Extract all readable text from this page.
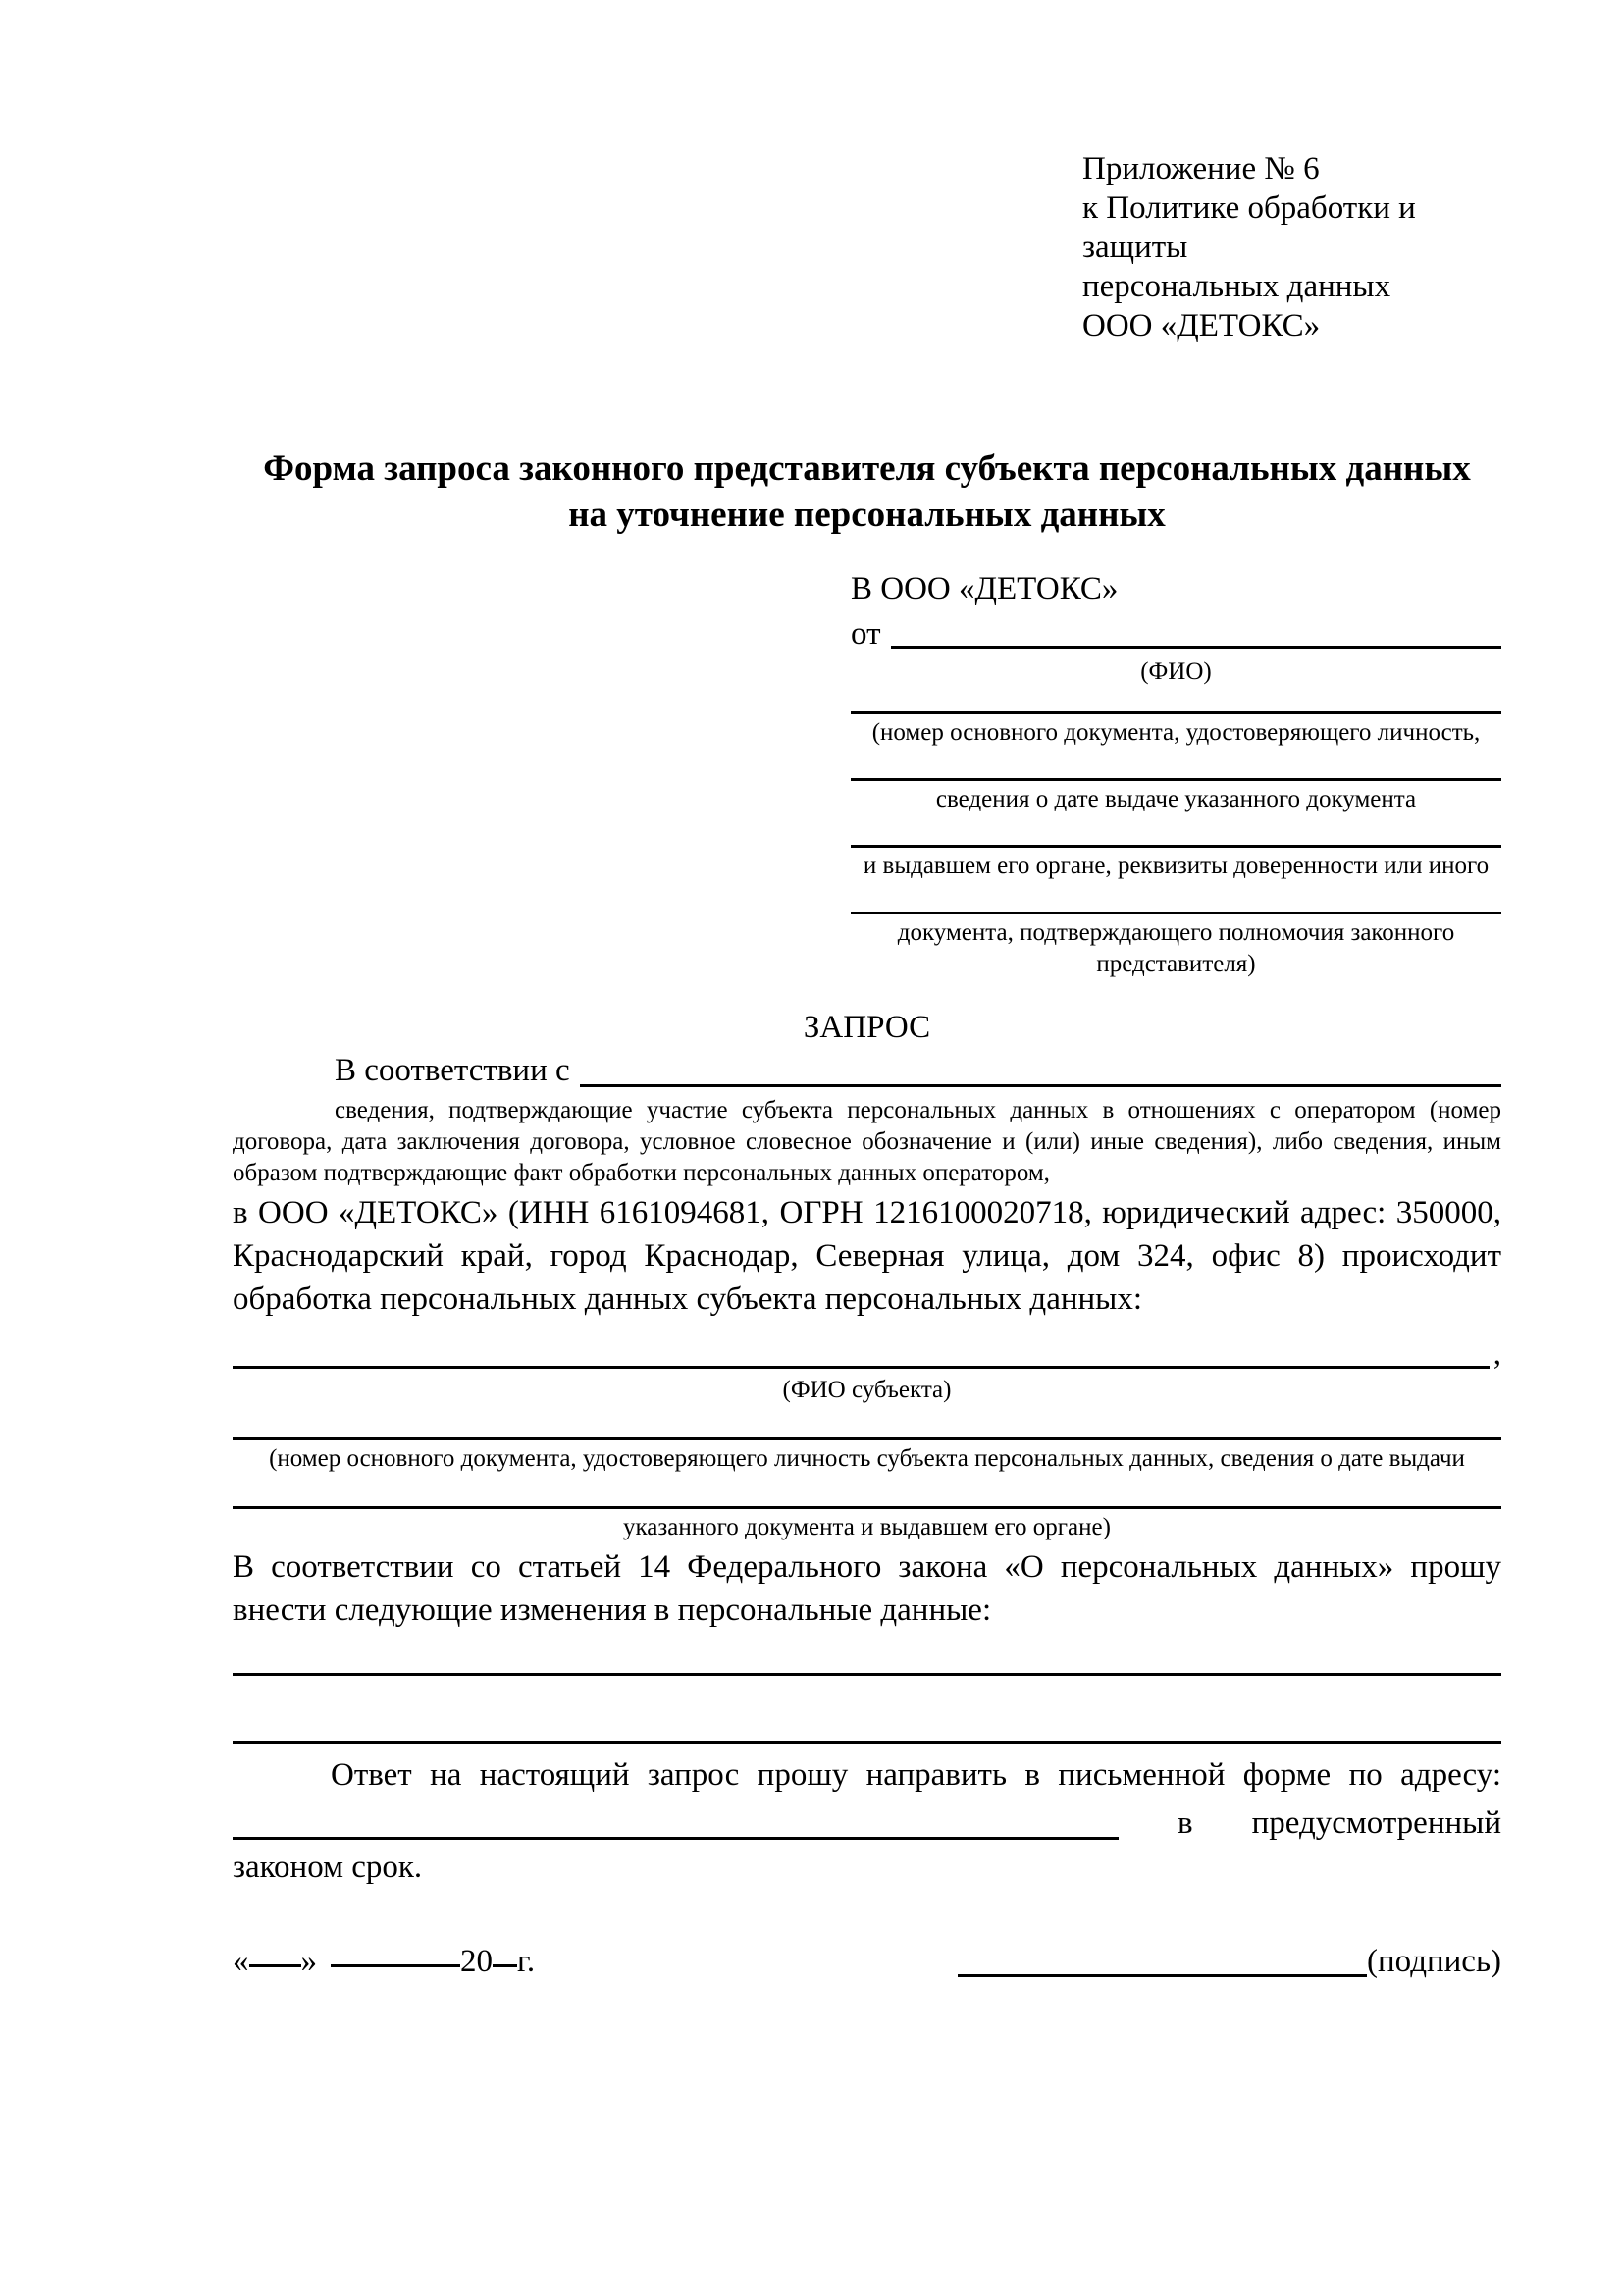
Приложение № 6
к Политике обработки и защиты
персональных данных
ООО «ДЕТОКС»
Форма запроса законного представителя субъекта персональных данных
на уточнение персональных данных
В ООО «ДЕТОКС»
от
(ФИО)
(номер основного документа, удостоверяющего личность,
сведения о дате выдаче указанного документа
и выдавшем его органе, реквизиты доверенности или иного
документа, подтверждающего полномочия законного представителя)
ЗАПРОС
В соответствии с
сведения, подтверждающие участие субъекта персональных данных в отношениях с оператором (номер договора, дата заключения договора, условное словесное обозначение и (или) иные сведения), либо сведения, иным образом подтверждающие факт обработки персональных данных оператором,
в ООО «ДЕТОКС» (ИНН 6161094681, ОГРН 1216100020718, юридический адрес: 350000, Краснодарский край, город Краснодар, Северная улица, дом 324, офис 8) происходит обработка персональных данных субъекта персональных данных:
,
(ФИО субъекта)
(номер основного документа, удостоверяющего личность субъекта персональных данных, сведения о дате выдачи
указанного документа и выдавшем его органе)
В соответствии со статьей 14 Федерального закона «О персональных данных» прошу внести следующие изменения в персональные данные:
Ответ на настоящий запрос прошу направить в письменной форме по адресу:
в предусмотренный
законом срок.
« »	20 г.	(подпись)
